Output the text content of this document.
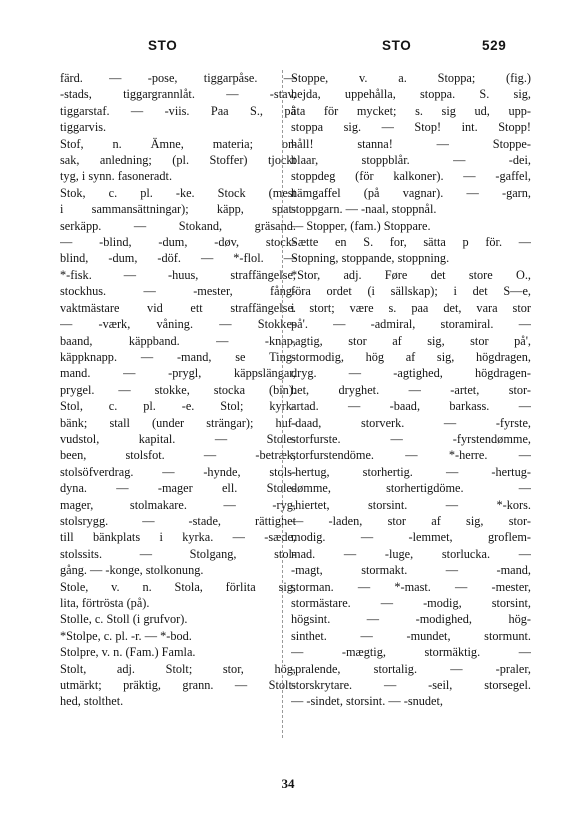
STO	STO	529
färd. — -pose, tiggarpåse. —
-stads, tiggargrannlåt. — -stav,
tiggarstaf. — -viis. Paa S., på
tiggarvis.
Stof, n. Ämne, materia; or-
sak, anledning; (pl. Stoffer) tjockt
tyg, i synn. fasoneradt.
Stok, c. pl. -ke. Stock (mest
i sammansättningar); käpp, spat-
serkäpp. — Stokand, gräsand.
— -blind, -dum, -døv, stock-
blind, -dum, -döf. — *-flol. —
*-fisk. — -huus, straffängelse,
stockhus. — -mester, fång-
vaktmästare vid ett straffängelse.
— -værk, våning. — Stokke-
baand, käppband. — -knap,
käppknapp. — -mand, se Ting-
mand. — -prygl, käppslängar,
prygel. — stokke, stocka (bin).
Stol, c. pl. -e. Stol; kyrk-
bänk; stall (under strängar); huf-
vudstol, kapital. — Stole-
been, stolsfot. — -betræk,
stolsöfverdrag. — -hynde, stols-
dyna. — -mager ell. Stole-
mager, stolmakare. — -ryg,
stolsrygg. — -stade, rättighet
till bänkplats i kyrka. — -sæde,
stolssits. — Stolgang, stol-
gång. — -konge, stolkonung.
Stole, v. n. Stola, förlita sig,
lita, förtrösta (på).
Stolle, c. Stoll (i grufvor).
*Stolpe, c. pl. -r. — *-bod.
Stolpre, v. n. (Fam.) Famla.
Stolt, adj. Stolt; stor, hög,
utmärkt; präktig, grann. — Stolt-
hed, stolthet.
Stoppe, v. a. Stoppa; (fig.)
hejda, uppehålla, stoppa. S. sig,
äta för mycket; s. sig ud, upp-
stoppa sig. — Stop! int. Stopp!
håll! stanna! — Stoppe-
blaar, stoppblår. — -dei,
stoppdeg (för kalkoner). — -gaffel,
hämgaffel (på vagnar). — -garn,
stoppgarn. — -naal, stoppnål.
— Stopper, (fam.) Stoppare.
Sætte en S. for, sätta p för. —
Stopning, stoppande, stoppning.
*Stor, adj. Føre det store O.,
föra ordet (i sällskap); i det S—e,
i stort; være s. paa det, vara stor
på'. — -admiral, storamiral. —
-agtig, stor af sig, stor på',
stormodig, hög af sig, högdragen,
dryg. — -agtighed, högdragen-
het, dryghet. — -artet, stor-
artad. — -baad, barkass. —
-daad, storverk. — -fyrste,
storfurste. — -fyrstendømme,
storfurstendöme. — *-herre. —
-hertug, storhertig. — -hertug-
dømme, storhertigdöme. —
-hiertet, storsint. — *-kors.
— -laden, stor af sig, stor-
modig. — -lemmet, groflem-
mad. — -luge, storlucka. —
-magt, stormakt. — -mand,
storman. — *-mast. — -mester,
stormästare. — -modig, storsint,
högsint. — -modighed, hög-
sinthet. — -mundet, stormunt.
— -mægtig, stormäktig. —
-pralende, stortalig. — -praler,
storskrytare. — -seil, storsegel.
— -sindet, storsint. — -snudet,
34
